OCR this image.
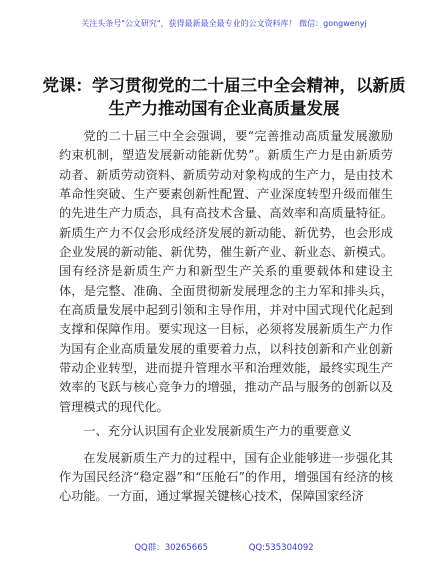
关注头条号"公文研究"，获得最新最全最专业的公文资料库！ 微信：gongwenyj
党课：学习贯彻党的二十届三中全会精神，以新质生产力推动国有企业高质量发展

党的二十届三中全会强调，要“完善推动高质量发展激励约束机制，塑造发展新动能新优势”。新质生产力是由新质劳动者、新质劳动资料、新质劳动对象构成的生产力，是由技术革命性突破、生产要素创新性配置、产业深度转型升级而催生的先进生产力质态，具有高技术含量、高效率和高质量特征。新质生产力不仅会形成经济发展的新动能、新优势，也会形成企业发展的新动能、新优势，催生新产业、新业态、新模式。国有经济是新质生产力和新型生产关系的重要载体和建设主体，是完整、准确、全面贯彻新发展理念的主力军和排头兵，在高质量发展中起到引领和主导作用，并对中国式现代化起到支撑和保障作用。要实现这一目标，必须将发展新质生产力作为国有企业高质量发展的重要着力点，以科技创新和产业创新带动企业转型，进而提升管理水平和治理效能，最终实现生产效率的飞跃与核心竞争力的增强，推动产品与服务的创新以及管理模式的现代化。

一、充分认识国有企业发展新质生产力的重要意义

在发展新质生产力的过程中，国有企业能够进一步强化其作为国民经济“稳定器”和“压舱石”的作用，增强国有经济的核心功能。一方面，通过掌握关键核心技术，保障国家经济

QQ群：30265665	QQ:535304092
